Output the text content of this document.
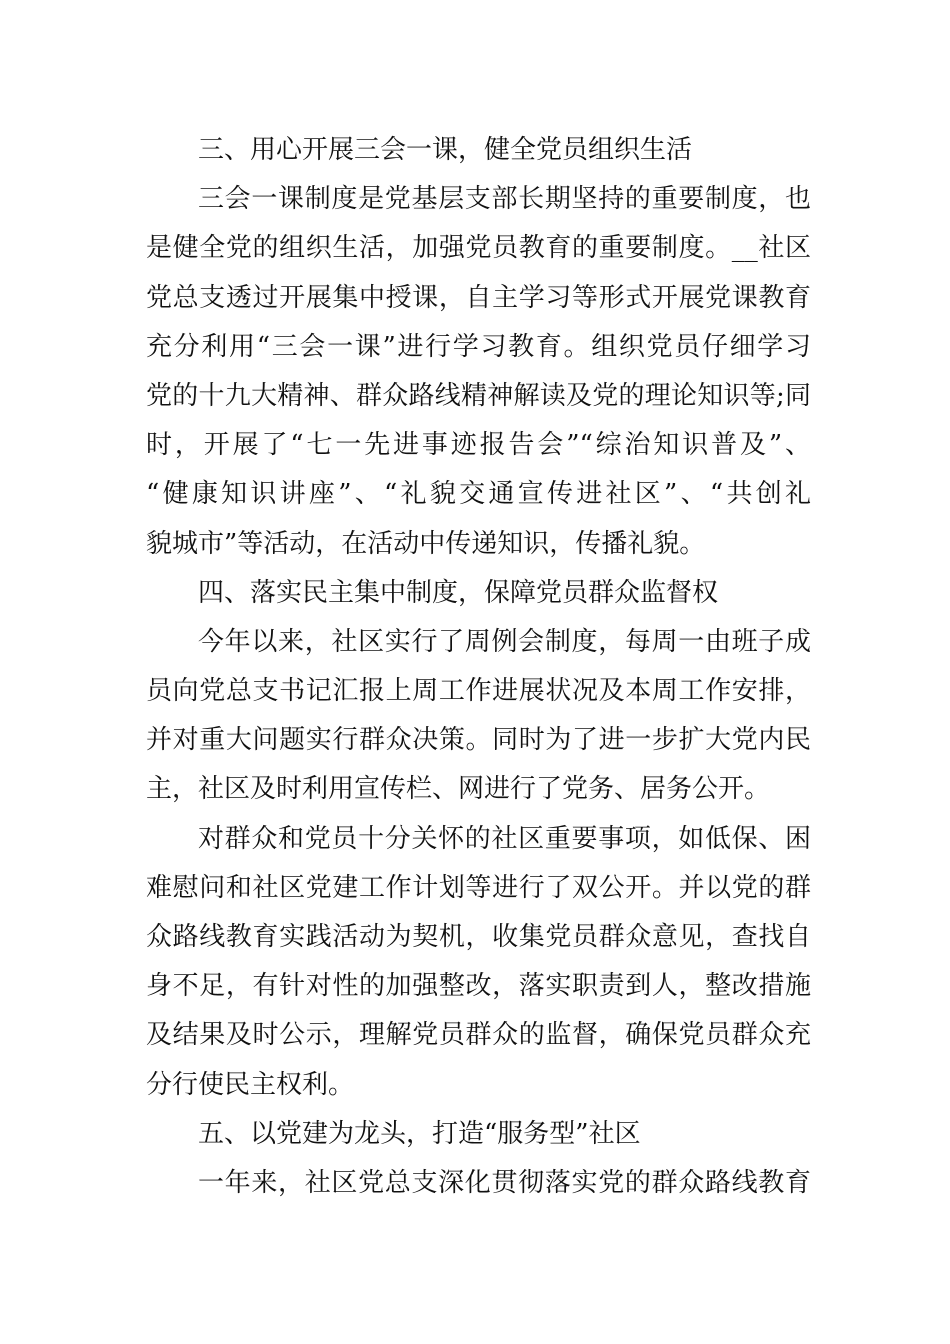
三、用心开展三会一课，健全党员组织生活
三会一课制度是党基层支部长期坚持的重要制度，也
是健全党的组织生活，加强党员教育的重要制度。__社区
党总支透过开展集中授课，自主学习等形式开展党课教育
充分利用“三会一课”进行学习教育。组织党员仔细学习
党的十九大精神、群众路线精神解读及党的理论知识等;同
时，开展了“七一先进事迹报告会”“综治知识普及”、
“健康知识讲座”、“礼貌交通宣传进社区”、“共创礼
貌城市”等活动，在活动中传递知识，传播礼貌。
四、落实民主集中制度，保障党员群众监督权
今年以来，社区实行了周例会制度，每周一由班子成
员向党总支书记汇报上周工作进展状况及本周工作安排，
并对重大问题实行群众决策。同时为了进一步扩大党内民
主，社区及时利用宣传栏、网进行了党务、居务公开。
对群众和党员十分关怀的社区重要事项，如低保、困
难慰问和社区党建工作计划等进行了双公开。并以党的群
众路线教育实践活动为契机，收集党员群众意见，查找自
身不足，有针对性的加强整改，落实职责到人，整改措施
及结果及时公示，理解党员群众的监督，确保党员群众充
分行使民主权利。
五、以党建为龙头，打造“服务型”社区
一年来，社区党总支深化贯彻落实党的群众路线教育
